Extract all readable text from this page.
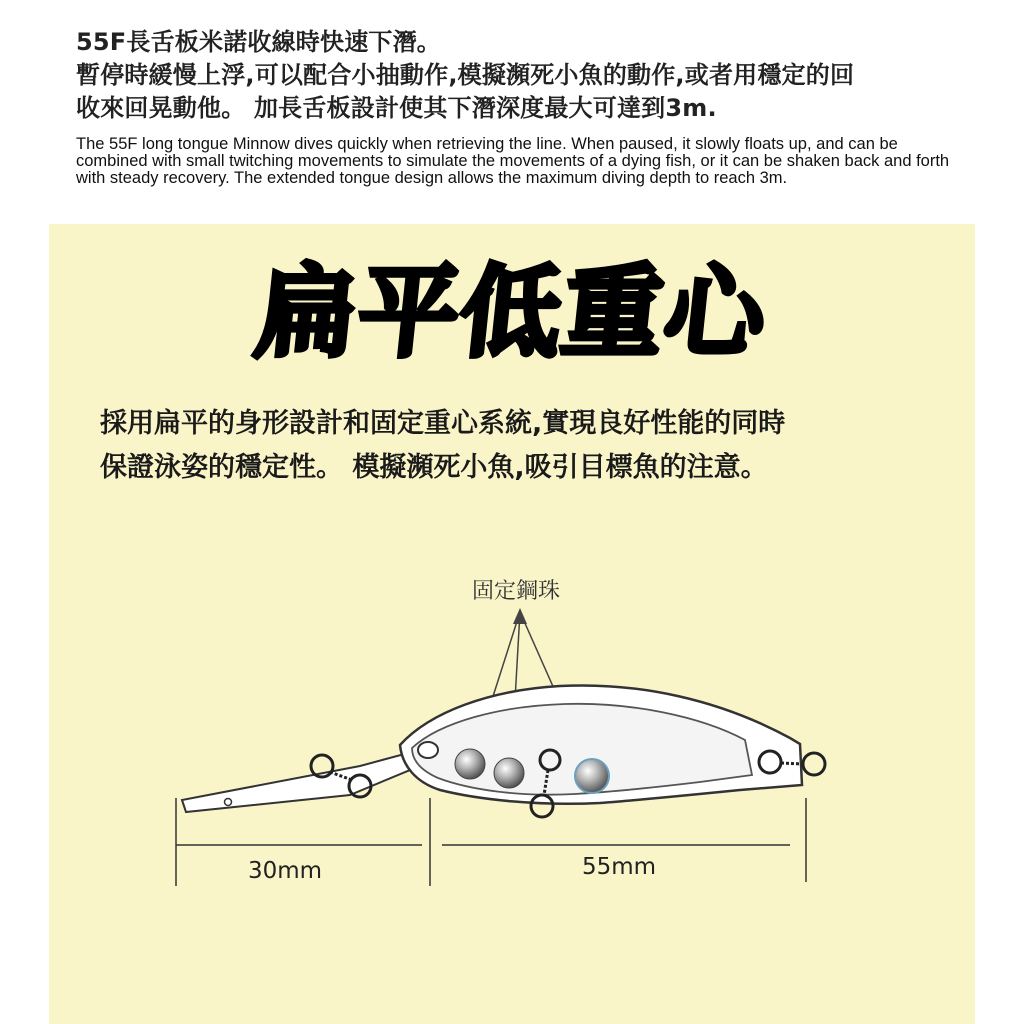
55F長舌板米諾收線時快速下潛。
暫停時緩慢上浮,可以配合小抽動作,模擬瀕死小魚的動作,或者用穩定的回
收來回晃動他。 加長舌板設計使其下潛深度最大可達到3m.
The 55F long tongue Minnow dives quickly when retrieving the line. When paused, it slowly floats up, and can be combined with small twitching movements to simulate the movements of a dying fish, or it can be shaken back and forth with steady recovery. The extended tongue design allows the maximum diving depth to reach 3m.
扁平低重心
採用扁平的身形設計和固定重心系統,實現良好性能的同時
保證泳姿的穩定性。 模擬瀕死小魚,吸引目標魚的注意。
固定鋼珠
30mm	55mm
